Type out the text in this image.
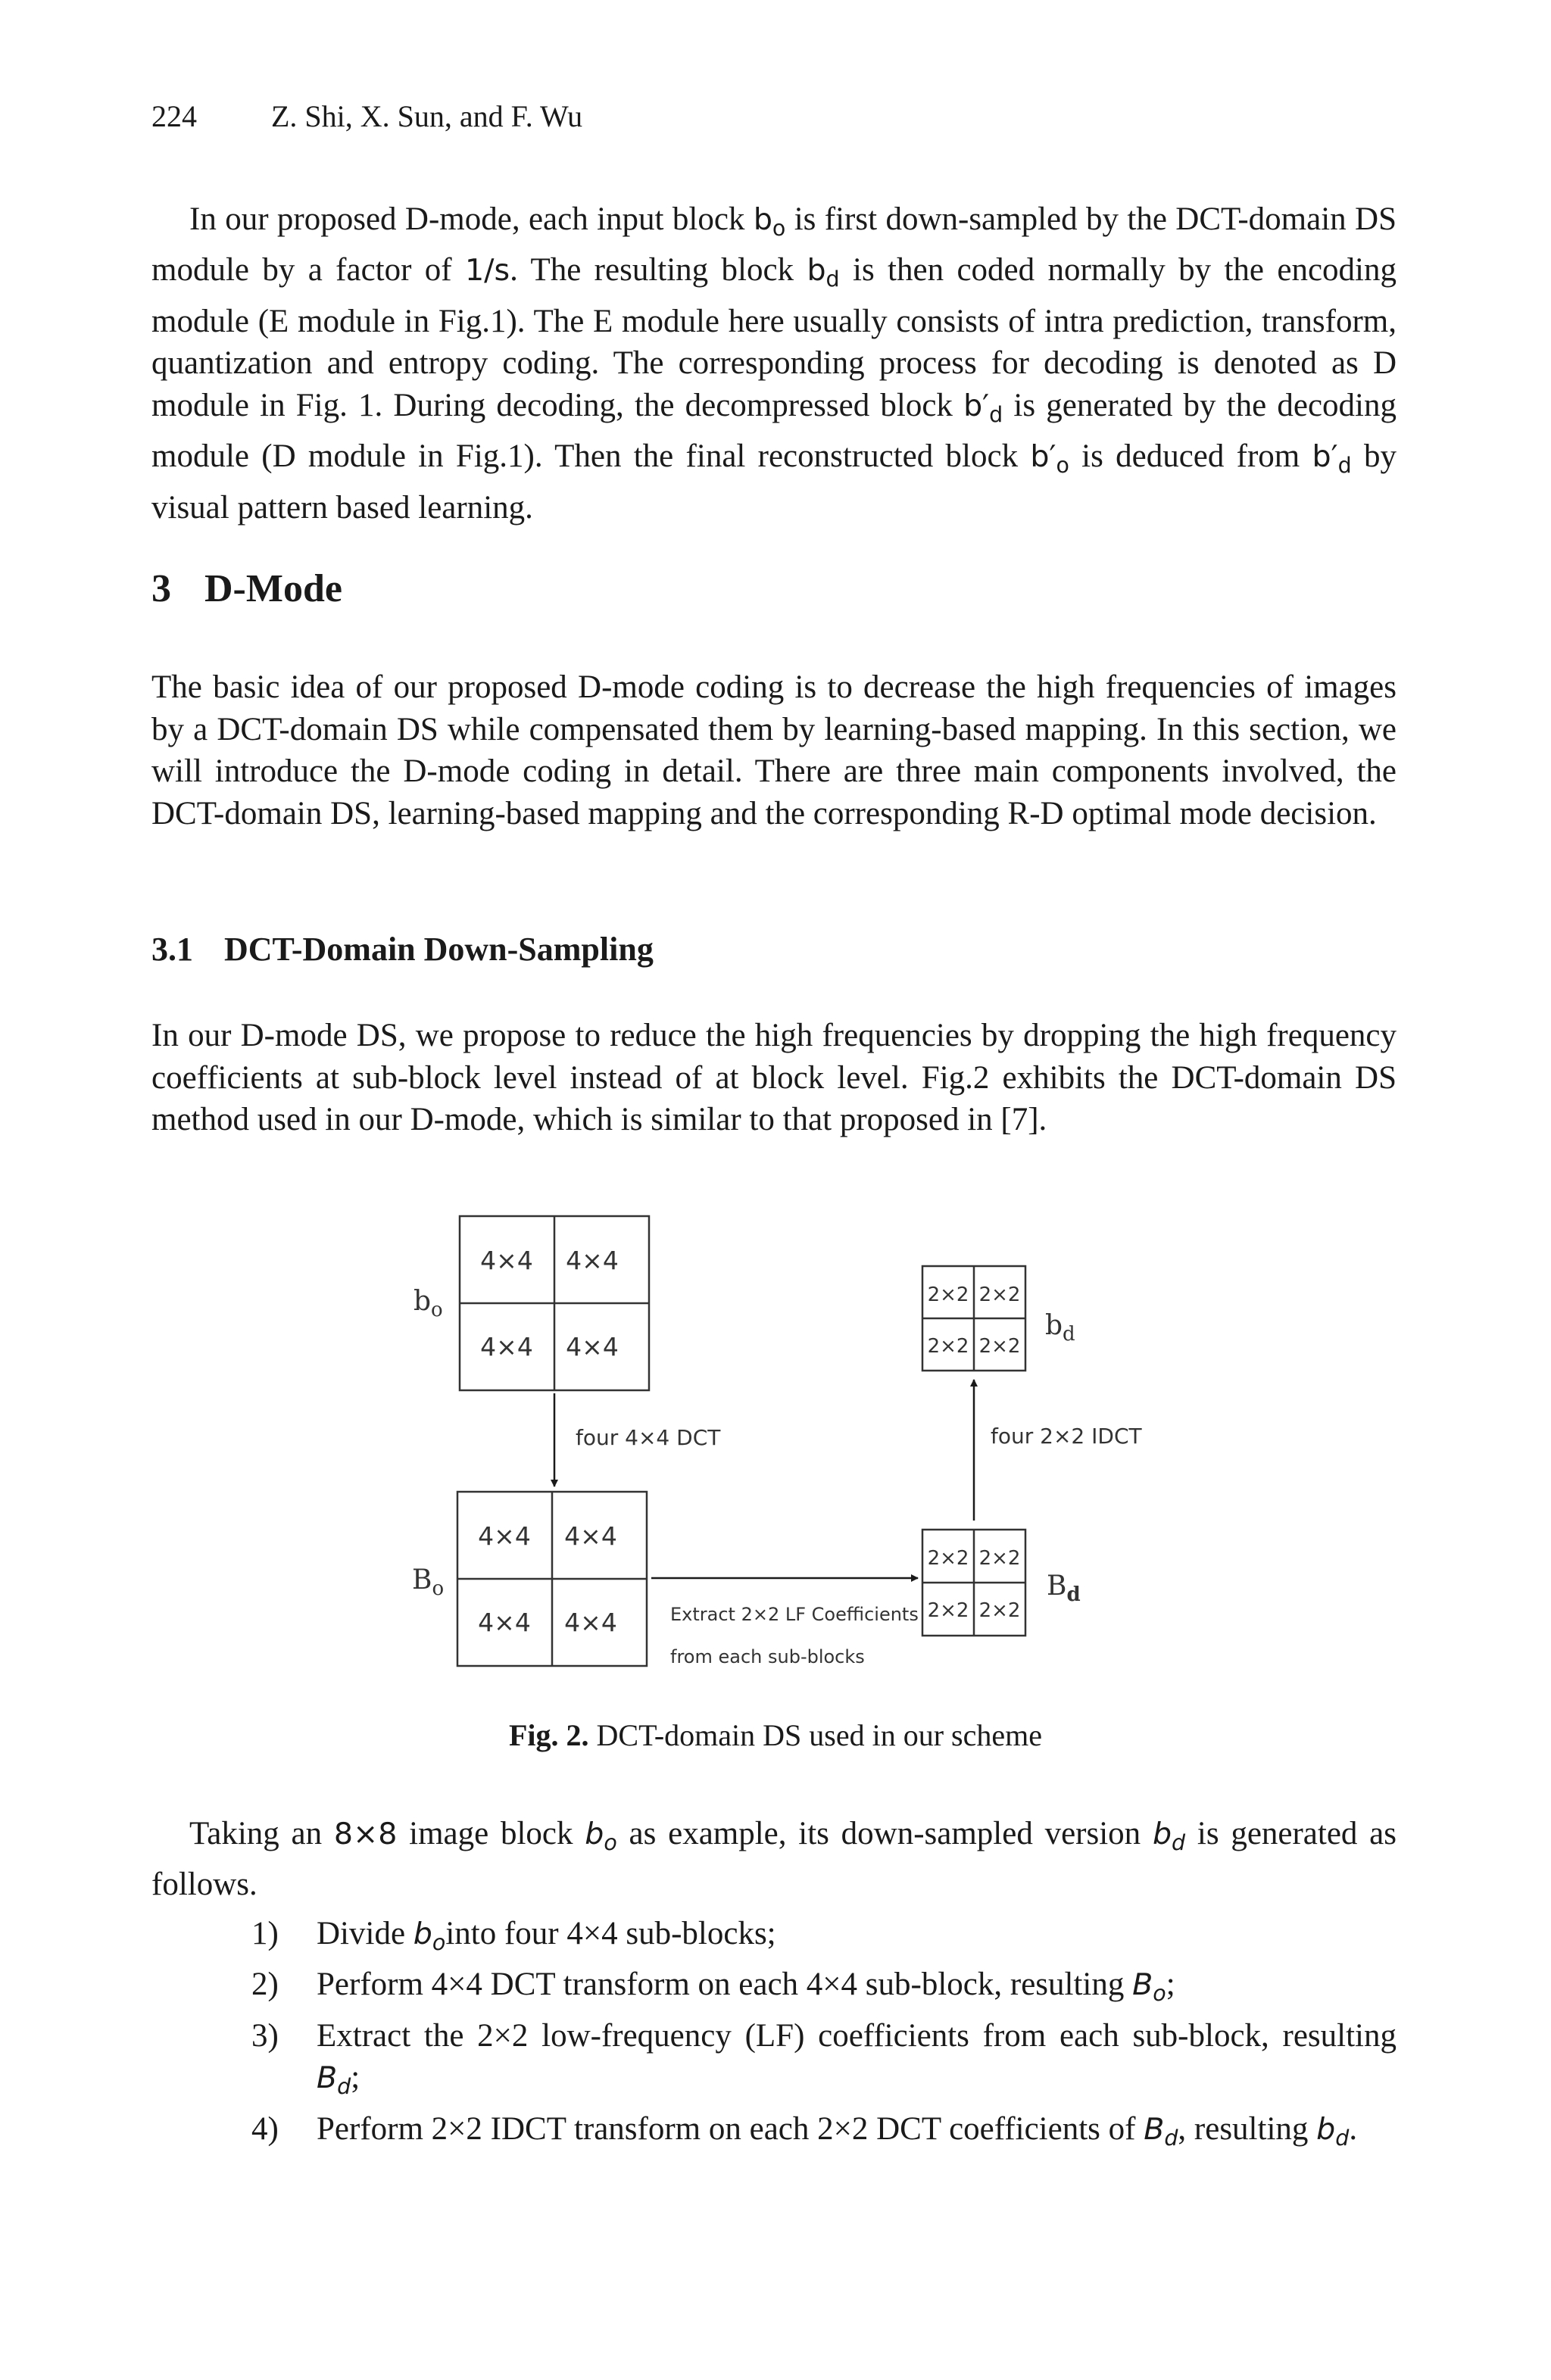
224 Z. Shi, X. Sun, and F. Wu

In our proposed D-mode, each input block $b_o$ is first down-sampled by the DCT-domain DS module by a factor of 1/s. The resulting block $b_d$ is then coded normally by the encoding module (E module in Fig.1). The E module here usually consists of intra prediction, transform, quantization and entropy coding. The corresponding process for decoding is denoted as D module in Fig. 1. During decoding, the decompressed block $b'_d$ is generated by the decoding module (D module in Fig.1). Then the final reconstructed block $b'_o$ is deduced from $b'_d$ by visual pattern based learning.

3 D-Mode

The basic idea of our proposed D-mode coding is to decrease the high frequencies of images by a DCT-domain DS while compensated them by learning-based mapping. In this section, we will introduce the D-mode coding in detail. There are three main components involved, the DCT-domain DS, learning-based mapping and the corresponding R-D optimal mode decision.

3.1 DCT-Domain Down-Sampling

In our D-mode DS, we propose to reduce the high frequencies by dropping the high frequency coefficients at sub-block level instead of at block level. Fig.2 exhibits the DCT-domain DS method used in our D-mode, which is similar to that proposed in [7].

4×4 4×4
4×4 4×4
$b_o$
four 4×4 DCT
4×4 4×4
4×4 4×4
$B_o$
Extract 2×2 LF Coefficients
from each sub-blocks
2×2 2×2
2×2 2×2
$B_d$
four 2×2 IDCT
2×2 2×2
2×2 2×2
$b_d$
Fig. 2. DCT-domain DS used in our scheme

Taking an 8×8 image block $b_o$ as example, its down-sampled version $b_d$ is generated as follows.

1) Divide $b_ointo$ four 4×4 sub-blocks;
2) Perform 4×4 DCT transform on each 4×4 sub-block, resulting $B_o$;
3) Extract the 2×2 low-frequency (LF) coefficients from each sub-block, resulting $B_d$;
4) Perform 2×2 IDCT transform on each 2×2 DCT coefficients of $B_d$, resulting $b_d$.
